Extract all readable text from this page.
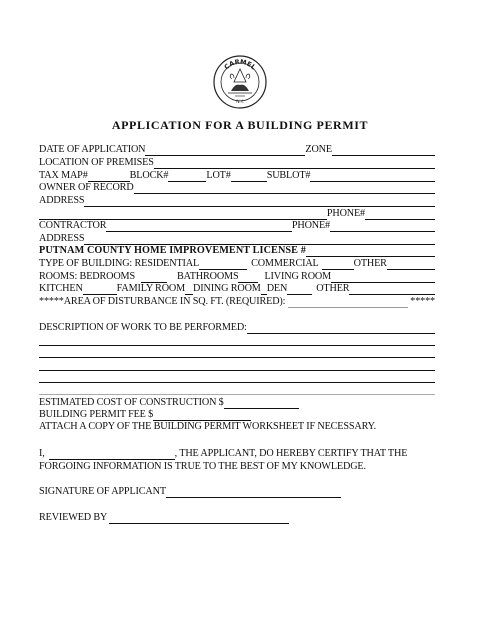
CARMEL
N.Y.
APPLICATION FOR A BUILDING PERMIT
DATE OF APPLICATION	ZONE
LOCATION OF PREMISES
TAX MAP#	BLOCK#	LOT#	SUBLOT#
OWNER OF RECORD
ADDRESS
PHONE#
CONTRACTOR	PHONE#
ADDRESS
PUTNAM COUNTY HOME IMPROVEMENT LICENSE #
TYPE OF BUILDING: RESIDENTIAL	COMMERCIAL	OTHER
ROOMS: BEDROOMS	BATHROOMS	LIVING ROOM
KITCHEN	FAMILY ROOM DINING ROOM DEN	OTHER
*****AREA OF DISTURBANCE IN SQ. FT. (REQUIRED):	*****
DESCRIPTION OF WORK TO BE PERFORMED:
ESTIMATED COST OF CONSTRUCTION $
BUILDING PERMIT FEE $
ATTACH A COPY OF THE BUILDING PERMIT WORKSHEET IF NECESSARY.
I,	, THE APPLICANT, DO HEREBY CERTIFY THAT THE
FORGOING INFORMATION IS TRUE TO THE BEST OF MY KNOWLEDGE.
SIGNATURE OF APPLICANT
REVIEWED BY
